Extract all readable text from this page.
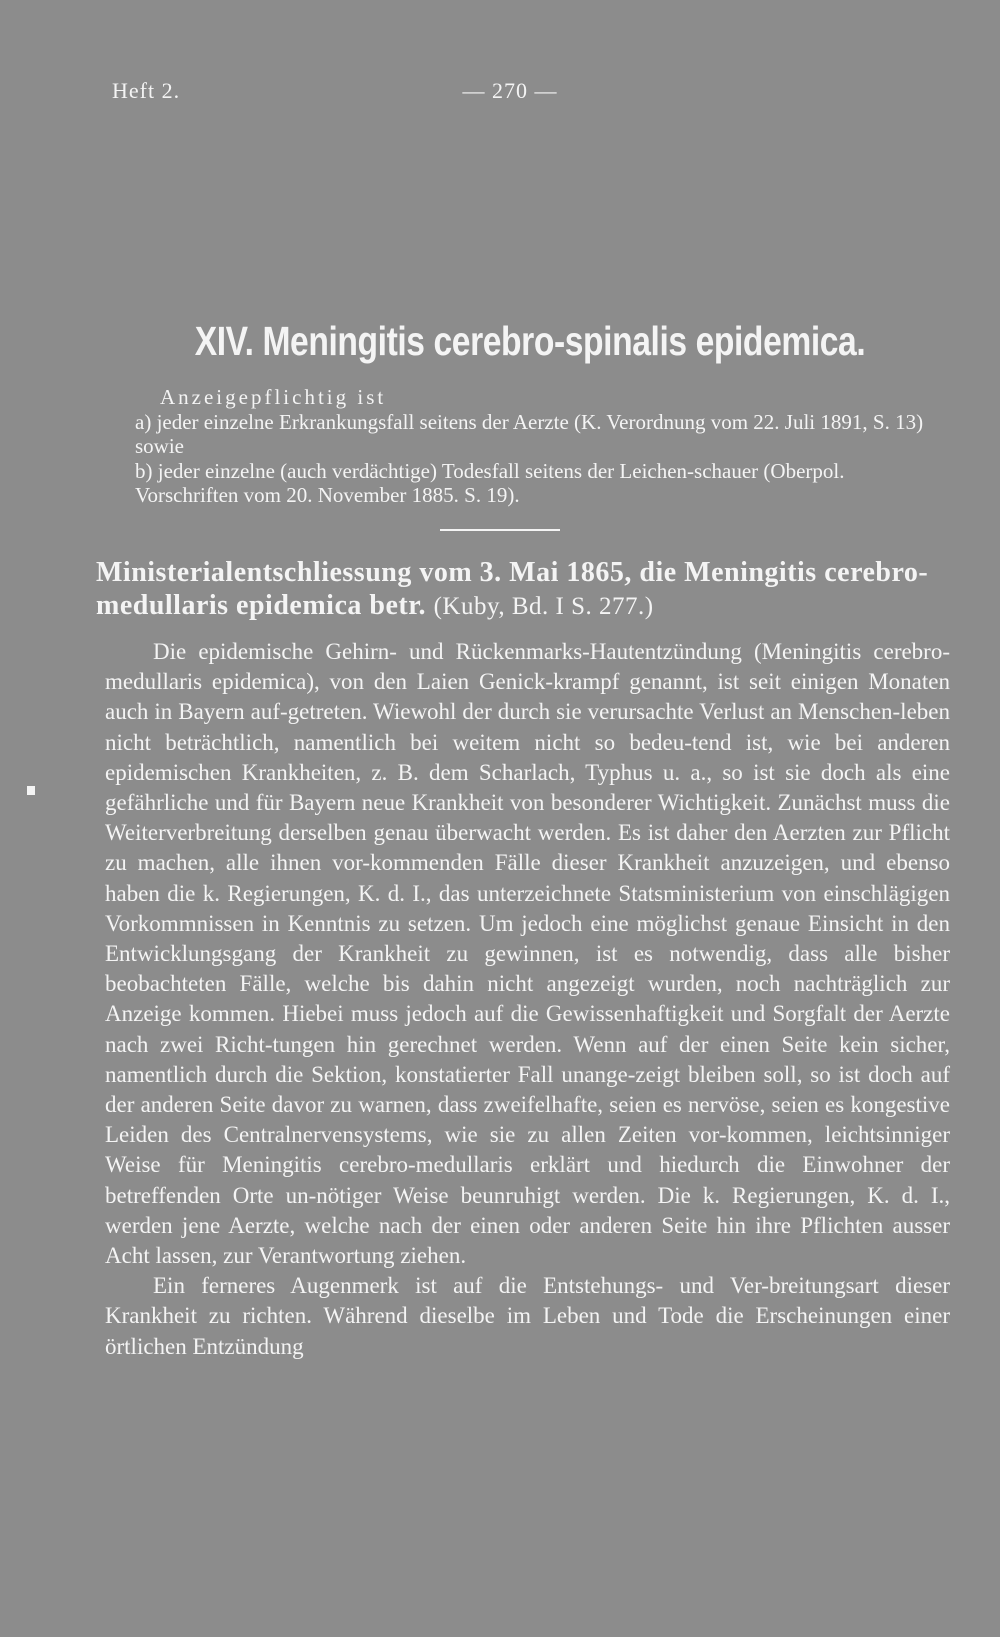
Heft 2.	— 270 —
XIV. Meningitis cerebro-spinalis epidemica.

Anzeigepflichtig ist

a) jeder einzelne Erkrankungsfall seitens der Aerzte (K. Verordnung vom 22. Juli 1891, S. 13) sowie

b) jeder einzelne (auch verdächtige) Todesfall seitens der Leichen-schauer (Oberpol. Vorschriften vom 20. November 1885. S. 19).

Ministerialentschliessung vom 3. Mai 1865, die Meningitis cerebro-medullaris epidemica betr. (Kuby, Bd. I S. 277.)

Die epidemische Gehirn- und Rückenmarks-Hautentzündung (Meningitis cerebro-medullaris epidemica), von den Laien Genick-krampf genannt, ist seit einigen Monaten auch in Bayern auf-getreten. Wiewohl der durch sie verursachte Verlust an Menschen-leben nicht beträchtlich, namentlich bei weitem nicht so bedeu-tend ist, wie bei anderen epidemischen Krankheiten, z. B. dem Scharlach, Typhus u. a., so ist sie doch als eine gefährliche und für Bayern neue Krankheit von besonderer Wichtigkeit. Zunächst muss die Weiterverbreitung derselben genau überwacht werden. Es ist daher den Aerzten zur Pflicht zu machen, alle ihnen vor-kommenden Fälle dieser Krankheit anzuzeigen, und ebenso haben die k. Regierungen, K. d. I., das unterzeichnete Statsministerium von einschlägigen Vorkommnissen in Kenntnis zu setzen. Um jedoch eine möglichst genaue Einsicht in den Entwicklungsgang der Krankheit zu gewinnen, ist es notwendig, dass alle bisher beobachteten Fälle, welche bis dahin nicht angezeigt wurden, noch nachträglich zur Anzeige kommen. Hiebei muss jedoch auf die Gewissenhaftigkeit und Sorgfalt der Aerzte nach zwei Richt-tungen hin gerechnet werden. Wenn auf der einen Seite kein sicher, namentlich durch die Sektion, konstatierter Fall unange-zeigt bleiben soll, so ist doch auf der anderen Seite davor zu warnen, dass zweifelhafte, seien es nervöse, seien es kongestive Leiden des Centralnervensystems, wie sie zu allen Zeiten vor-kommen, leichtsinniger Weise für Meningitis cerebro-medullaris erklärt und hiedurch die Einwohner der betreffenden Orte un-nötiger Weise beunruhigt werden. Die k. Regierungen, K. d. I., werden jene Aerzte, welche nach der einen oder anderen Seite hin ihre Pflichten ausser Acht lassen, zur Verantwortung ziehen.

Ein ferneres Augenmerk ist auf die Entstehungs- und Ver-breitungsart dieser Krankheit zu richten. Während dieselbe im Leben und Tode die Erscheinungen einer örtlichen Entzündung
